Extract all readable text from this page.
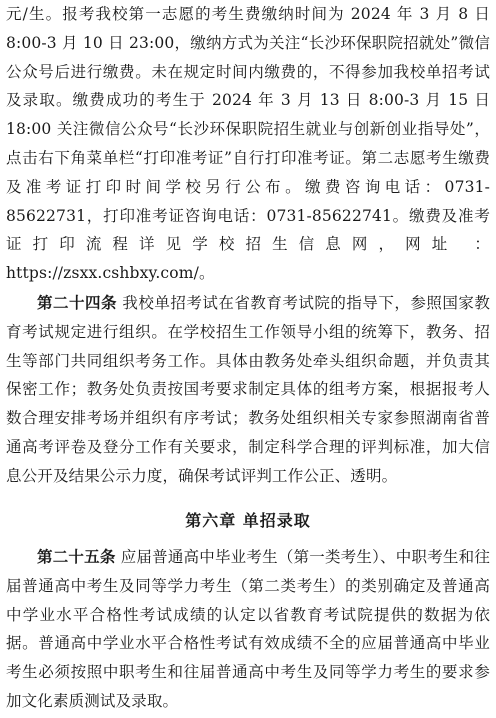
元/生。报考我校第一志愿的考生费缴纳时间为 2024 年 3 月 8 日 8:00-3 月 10 日 23:00，缴纳方式为关注“长沙环保职院招就处”微信公众号后进行缴费。未在规定时间内缴费的，不得参加我校单招考试及录取。缴费成功的考生于 2024 年 3 月 13 日 8:00-3 月 15 日 18:00 关注微信公众号“长沙环保职院招生就业与创新创业指导处”，点击右下角菜单栏“打印准考证”自行打印准考证。第二志愿考生缴费及准考证打印时间学校另行公布。缴费咨询电话：0731-85622731，打印准考证咨询电话：0731-85622741。缴费及准考证打印流程详见学校招生信息网，网址 ：https://zsxx.cshbxy.com/。

第二十四条 我校单招考试在省教育考试院的指导下，参照国家教育考试规定进行组织。在学校招生工作领导小组的统筹下，教务、招生等部门共同组织考务工作。具体由教务处牵头组织命题，并负责其保密工作；教务处负责按国考要求制定具体的组考方案，根据报考人数合理安排考场并组织有序考试；教务处组织相关专家参照湖南省普通高考评卷及登分工作有关要求，制定科学合理的评判标准，加大信息公开及结果公示力度，确保考试评判工作公正、透明。

第六章 单招录取

第二十五条 应届普通高中毕业考生（第一类考生）、中职考生和往届普通高中考生及同等学力考生（第二类考生）的类别确定及普通高中学业水平合格性考试成绩的认定以省教育考试院提供的数据为依据。普通高中学业水平合格性考试有效成绩不全的应届普通高中毕业考生必须按照中职考生和往届普通高中考生及同等学力考生的要求参加文化素质测试及录取。
